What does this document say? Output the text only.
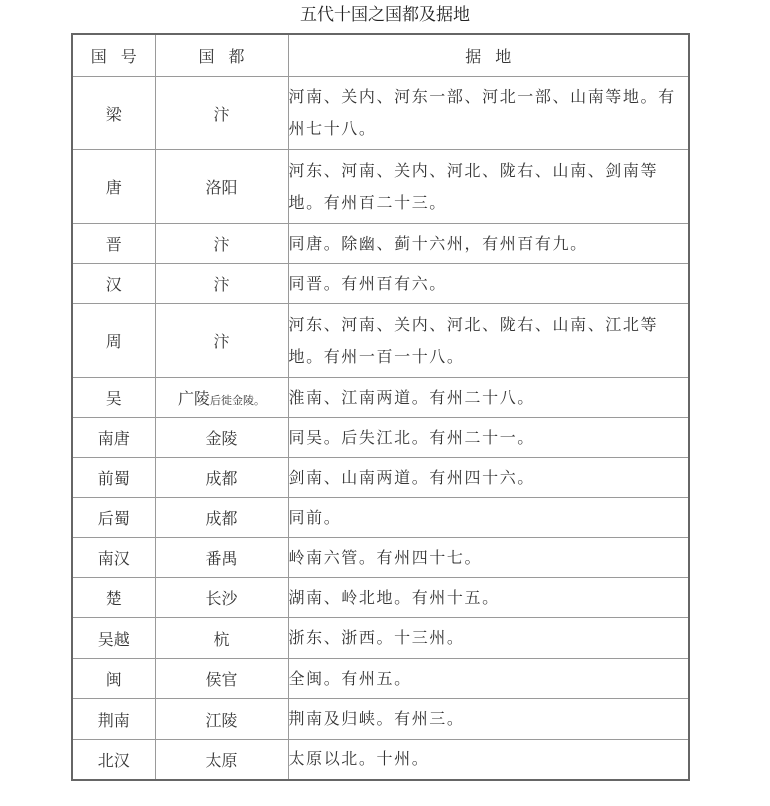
五代十国之国都及据地
国号	国都	据地
梁	汴	河南、关内、河东一部、河北一部、山南等地。有州七十八。
唐	洛阳	河东、河南、关内、河北、陇右、山南、剑南等地。有州百二十三。
晋	汴	同唐。除幽、蓟十六州，有州百有九。
汉	汴	同晋。有州百有六。
周	汴	河东、河南、关内、河北、陇右、山南、江北等地。有州一百一十八。
吴	广陵后徙金陵。	淮南、江南两道。有州二十八。
南唐	金陵	同吴。后失江北。有州二十一。
前蜀	成都	剑南、山南两道。有州四十六。
后蜀	成都	同前。
南汉	番禺	岭南六管。有州四十七。
楚	长沙	湖南、岭北地。有州十五。
吴越	杭	浙东、浙西。十三州。
闽	侯官	全闽。有州五。
荆南	江陵	荆南及归峡。有州三。
北汉	太原	太原以北。十州。
